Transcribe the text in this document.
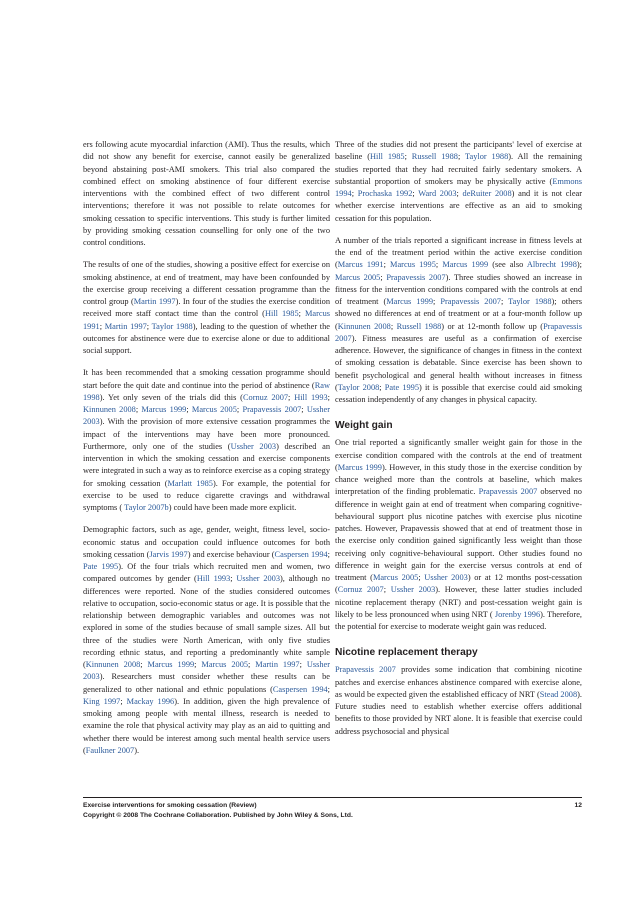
ers following acute myocardial infarction (AMI). Thus the results, which did not show any benefit for exercise, cannot easily be generalized beyond abstaining post-AMI smokers. This trial also compared the combined effect on smoking abstinence of four different exercise interventions with the combined effect of two different control interventions; therefore it was not possible to relate outcomes for smoking cessation to specific interventions. This study is further limited by providing smoking cessation counselling for only one of the two control conditions.

The results of one of the studies, showing a positive effect for exercise on smoking abstinence, at end of treatment, may have been confounded by the exercise group receiving a different cessation programme than the control group (Martin 1997). In four of the studies the exercise condition received more staff contact time than the control (Hill 1985; Marcus 1991; Martin 1997; Taylor 1988), leading to the question of whether the outcomes for abstinence were due to exercise alone or due to additional social support.

It has been recommended that a smoking cessation programme should start before the quit date and continue into the period of abstinence (Raw 1998). Yet only seven of the trials did this (Cornuz 2007; Hill 1993; Kinnunen 2008; Marcus 1999; Marcus 2005; Prapavessis 2007; Ussher 2003). With the provision of more extensive cessation programmes the impact of the interventions may have been more pronounced. Furthermore, only one of the studies (Ussher 2003) described an intervention in which the smoking cessation and exercise components were integrated in such a way as to reinforce exercise as a coping strategy for smoking cessation (Marlatt 1985). For example, the potential for exercise to be used to reduce cigarette cravings and withdrawal symptoms ( Taylor 2007b) could have been made more explicit.

Demographic factors, such as age, gender, weight, fitness level, socio-economic status and occupation could influence outcomes for both smoking cessation (Jarvis 1997) and exercise behaviour (Caspersen 1994; Pate 1995). Of the four trials which recruited men and women, two compared outcomes by gender (Hill 1993; Ussher 2003), although no differences were reported. None of the studies considered outcomes relative to occupation, socio-economic status or age. It is possible that the relationship between demographic variables and outcomes was not explored in some of the studies because of small sample sizes. All but three of the studies were North American, with only five studies recording ethnic status, and reporting a predominantly white sample (Kinnunen 2008; Marcus 1999; Marcus 2005; Martin 1997; Ussher 2003). Researchers must consider whether these results can be generalized to other national and ethnic populations (Caspersen 1994; King 1997; Mackay 1996). In addition, given the high prevalence of smoking among people with mental illness, research is needed to examine the role that physical activity may play as an aid to quitting and whether there would be interest among such mental health service users (Faulkner 2007).

Three of the studies did not present the participants' level of exercise at baseline (Hill 1985; Russell 1988; Taylor 1988). All the remaining studies reported that they had recruited fairly sedentary smokers. A substantial proportion of smokers may be physically active (Emmons 1994; Prochaska 1992; Ward 2003; deRuiter 2008) and it is not clear whether exercise interventions are effective as an aid to smoking cessation for this population.

A number of the trials reported a significant increase in fitness levels at the end of the treatment period within the active exercise condition (Marcus 1991; Marcus 1995; Marcus 1999 (see also Albrecht 1998); Marcus 2005; Prapavessis 2007). Three studies showed an increase in fitness for the intervention conditions compared with the controls at end of treatment (Marcus 1999; Prapavessis 2007; Taylor 1988); others showed no differences at end of treatment or at a four-month follow up (Kinnunen 2008; Russell 1988) or at 12-month follow up (Prapavessis 2007). Fitness measures are useful as a confirmation of exercise adherence. However, the significance of changes in fitness in the context of smoking cessation is debatable. Since exercise has been shown to benefit psychological and general health without increases in fitness (Taylor 2008; Pate 1995) it is possible that exercise could aid smoking cessation independently of any changes in physical capacity.

Weight gain

One trial reported a significantly smaller weight gain for those in the exercise condition compared with the controls at the end of treatment (Marcus 1999). However, in this study those in the exercise condition by chance weighed more than the controls at baseline, which makes interpretation of the finding problematic. Prapavessis 2007 observed no difference in weight gain at end of treatment when comparing cognitive-behavioural support plus nicotine patches with exercise plus nicotine patches. However, Prapavessis showed that at end of treatment those in the exercise only condition gained significantly less weight than those receiving only cognitive-behavioural support. Other studies found no difference in weight gain for the exercise versus controls at end of treatment (Marcus 2005; Ussher 2003) or at 12 months post-cessation (Cornuz 2007; Ussher 2003). However, these latter studies included nicotine replacement therapy (NRT) and post-cessation weight gain is likely to be less pronounced when using NRT ( Jorenby 1996). Therefore, the potential for exercise to moderate weight gain was reduced.

Nicotine replacement therapy

Prapavessis 2007 provides some indication that combining nicotine patches and exercise enhances abstinence compared with exercise alone, as would be expected given the established efficacy of NRT (Stead 2008). Future studies need to establish whether exercise offers additional benefits to those provided by NRT alone. It is feasible that exercise could address psychosocial and physical

Exercise interventions for smoking cessation (Review)	12
Copyright © 2008 The Cochrane Collaboration. Published by John Wiley & Sons, Ltd.
